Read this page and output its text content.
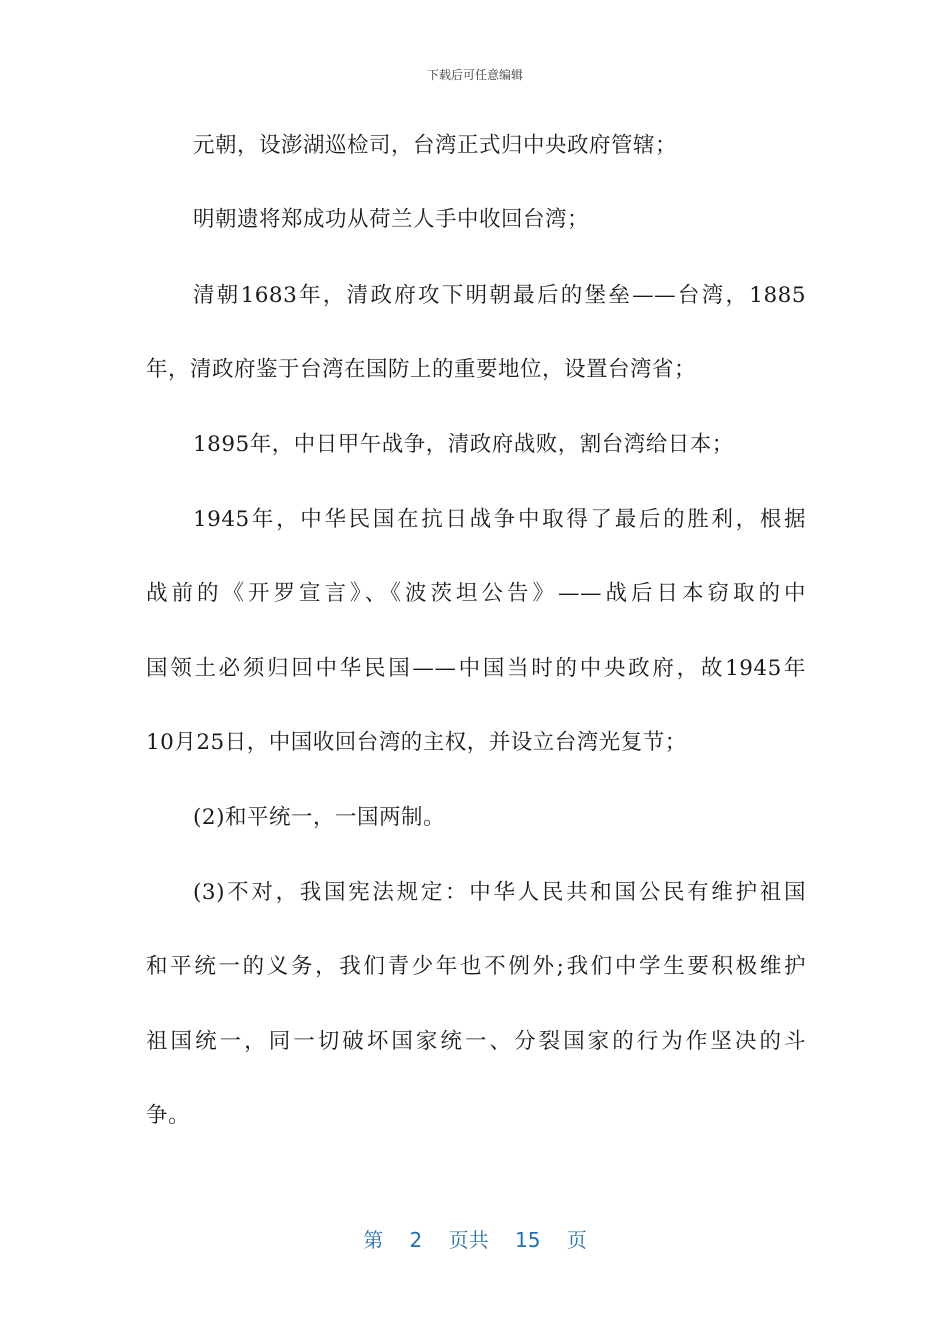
下载后可任意编辑
元朝，设澎湖巡检司，台湾正式归中央政府管辖；
明朝遗将郑成功从荷兰人手中收回台湾；
清朝1683年，清政府攻下明朝最后的堡垒——台湾，1885
年，清政府鉴于台湾在国防上的重要地位，设置台湾省；
1895年，中日甲午战争，清政府战败，割台湾给日本；
1945年，中华民国在抗日战争中取得了最后的胜利，根据
战前的《开罗宣言》、《波茨坦公告》——战后日本窃取的中
国领土必须归回中华民国——中国当时的中央政府，故1945年
10月25日，中国收回台湾的主权，并设立台湾光复节；
(2)和平统一，一国两制。
(3)不对，我国宪法规定：中华人民共和国公民有维护祖国
和平统一的义务，我们青少年也不例外;我们中学生要积极维护
祖国统一，同一切破坏国家统一、分裂国家的行为作坚决的斗
争。
第 2 页共 15 页
